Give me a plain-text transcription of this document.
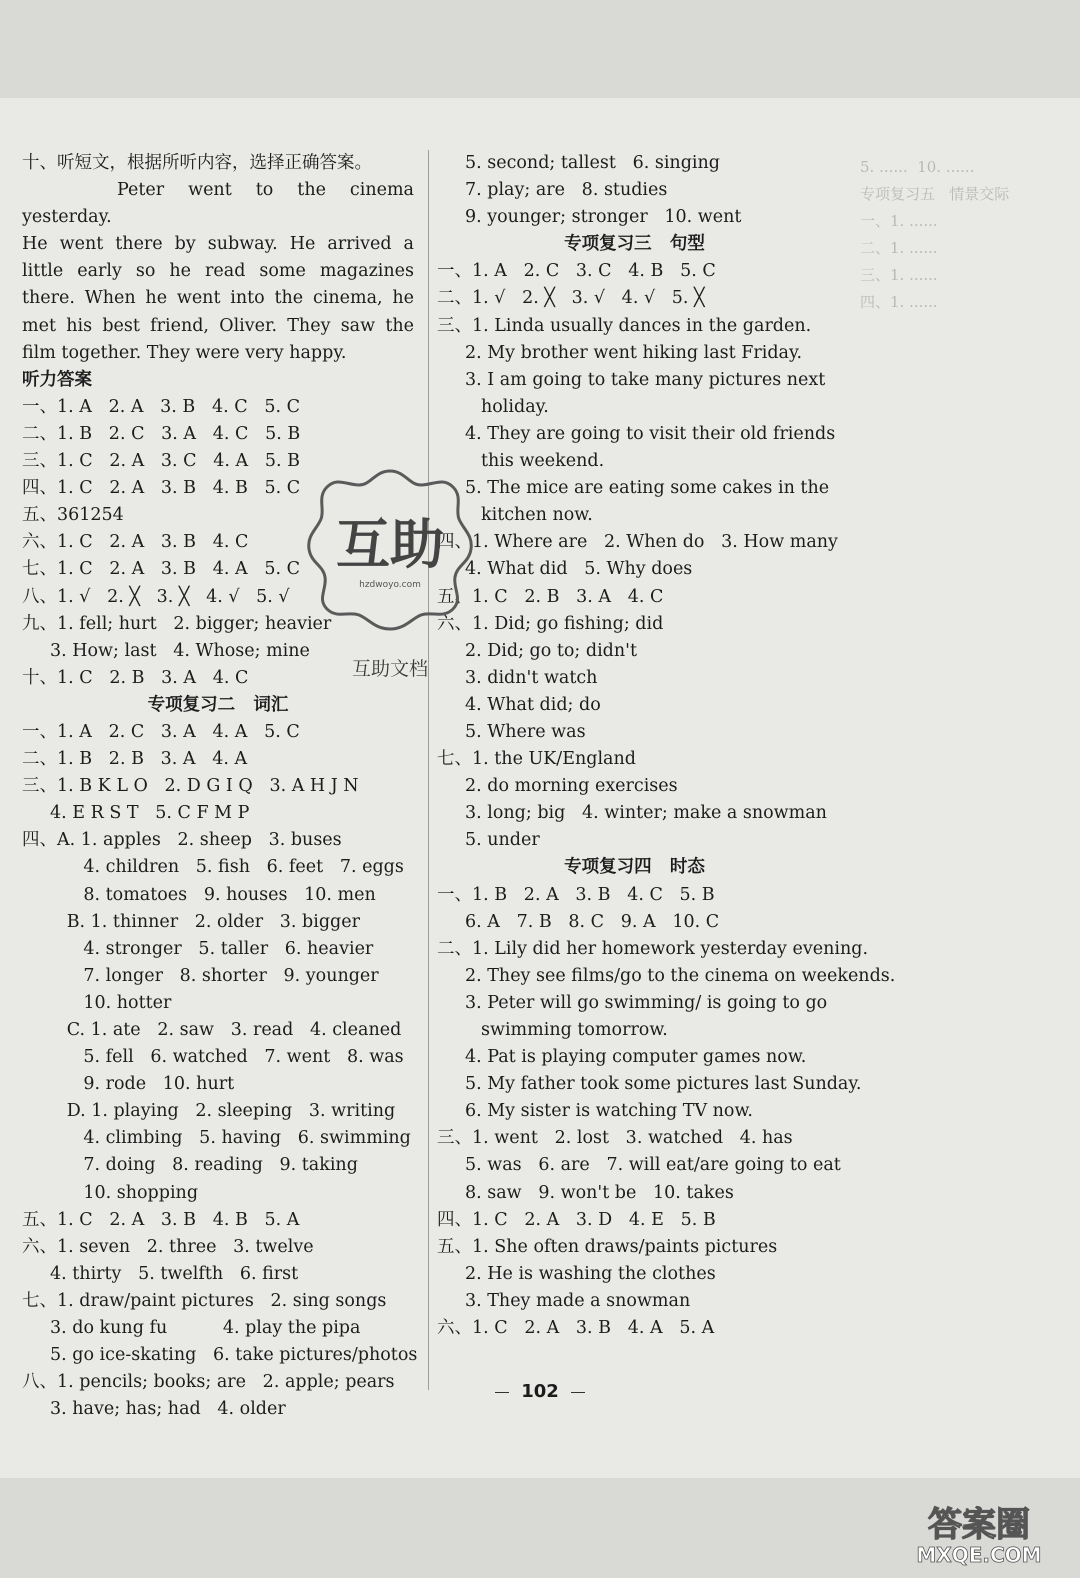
十、听短文，根据所听内容，选择正确答案。
Peter went to the cinema yesterday.
He went there by subway. He arrived a
little early so he read some magazines
there. When he went into the cinema, he
met his best friend, Oliver. They saw the
film together. They were very happy.
听力答案
一、1. A   2. A   3. B   4. C   5. C
二、1. B   2. C   3. A   4. C   5. B
三、1. C   2. A   3. C   4. A   5. B
四、1. C   2. A   3. B   4. B   5. C
五、361254
六、1. C   2. A   3. B   4. C
七、1. C   2. A   3. B   4. A   5. C
八、1. √   2. ╳   3. ╳   4. √   5. √
九、1. fell; hurt   2. bigger; heavier
3. How; last   4. Whose; mine
十、1. C   2. B   3. A   4. C
专项复习二   词汇
一、1. A   2. C   3. A   4. A   5. C
二、1. B   2. B   3. A   4. A
三、1. B K L O   2. D G I Q   3. A H J N
4. E R S T   5. C F M P
四、A. 1. apples   2. sheep   3. buses
4. children   5. fish   6. feet   7. eggs
8. tomatoes   9. houses   10. men
B. 1. thinner   2. older   3. bigger
4. stronger   5. taller   6. heavier
7. longer   8. shorter   9. younger
10. hotter
C. 1. ate   2. saw   3. read   4. cleaned
5. fell   6. watched   7. went   8. was
9. rode   10. hurt
D. 1. playing   2. sleeping   3. writing
4. climbing   5. having   6. swimming
7. doing   8. reading   9. taking
10. shopping
五、1. C   2. A   3. B   4. B   5. A
六、1. seven   2. three   3. twelve
4. thirty   5. twelfth   6. first
七、1. draw/paint pictures   2. sing songs
3. do kung fu          4. play the pipa
5. go ice-skating   6. take pictures/photos
八、1. pencils; books; are   2. apple; pears
3. have; has; had   4. older
5. second; tallest   6. singing
7. play; are   8. studies
9. younger; stronger   10. went
专项复习三   句型
一、1. A   2. C   3. C   4. B   5. C
二、1. √   2. ╳   3. √   4. √   5. ╳
三、1. Linda usually dances in the garden.
2. My brother went hiking last Friday.
3. I am going to take many pictures next
holiday.
4. They are going to visit their old friends
this weekend.
5. The mice are eating some cakes in the
kitchen now.
四、1. Where are   2. When do   3. How many
4. What did   5. Why does
五、1. C   2. B   3. A   4. C
六、1. Did; go fishing; did
2. Did; go to; didn't
3. didn't watch
4. What did; do
5. Where was
七、1. the UK/England
2. do morning exercises
3. long; big   4. winter; make a snowman
5. under
专项复习四   时态
一、1. B   2. A   3. B   4. C   5. B
6. A   7. B   8. C   9. A   10. C
二、1. Lily did her homework yesterday evening.
2. They see films/go to the cinema on weekends.
3. Peter will go swimming/ is going to go
swimming tomorrow.
4. Pat is playing computer games now.
5. My father took some pictures last Sunday.
6. My sister is watching TV now.
三、1. went   2. lost   3. watched   4. has
5. was   6. are   7. will eat/are going to eat
8. saw   9. won't be   10. takes
四、1. C   2. A   3. D   4. E   5. B
五、1. She often draws/paints pictures
2. He is washing the clothes
3. They made a snowman
六、1. C   2. A   3. B   4. A   5. A
5. ......  10. ......
专项复习五   情景交际
一、1. ......
二、1. ......
三、1. ......
四、1. ......
互助
hzdwoyo.com
互助文档
102
答案圈
MXQE.COM
